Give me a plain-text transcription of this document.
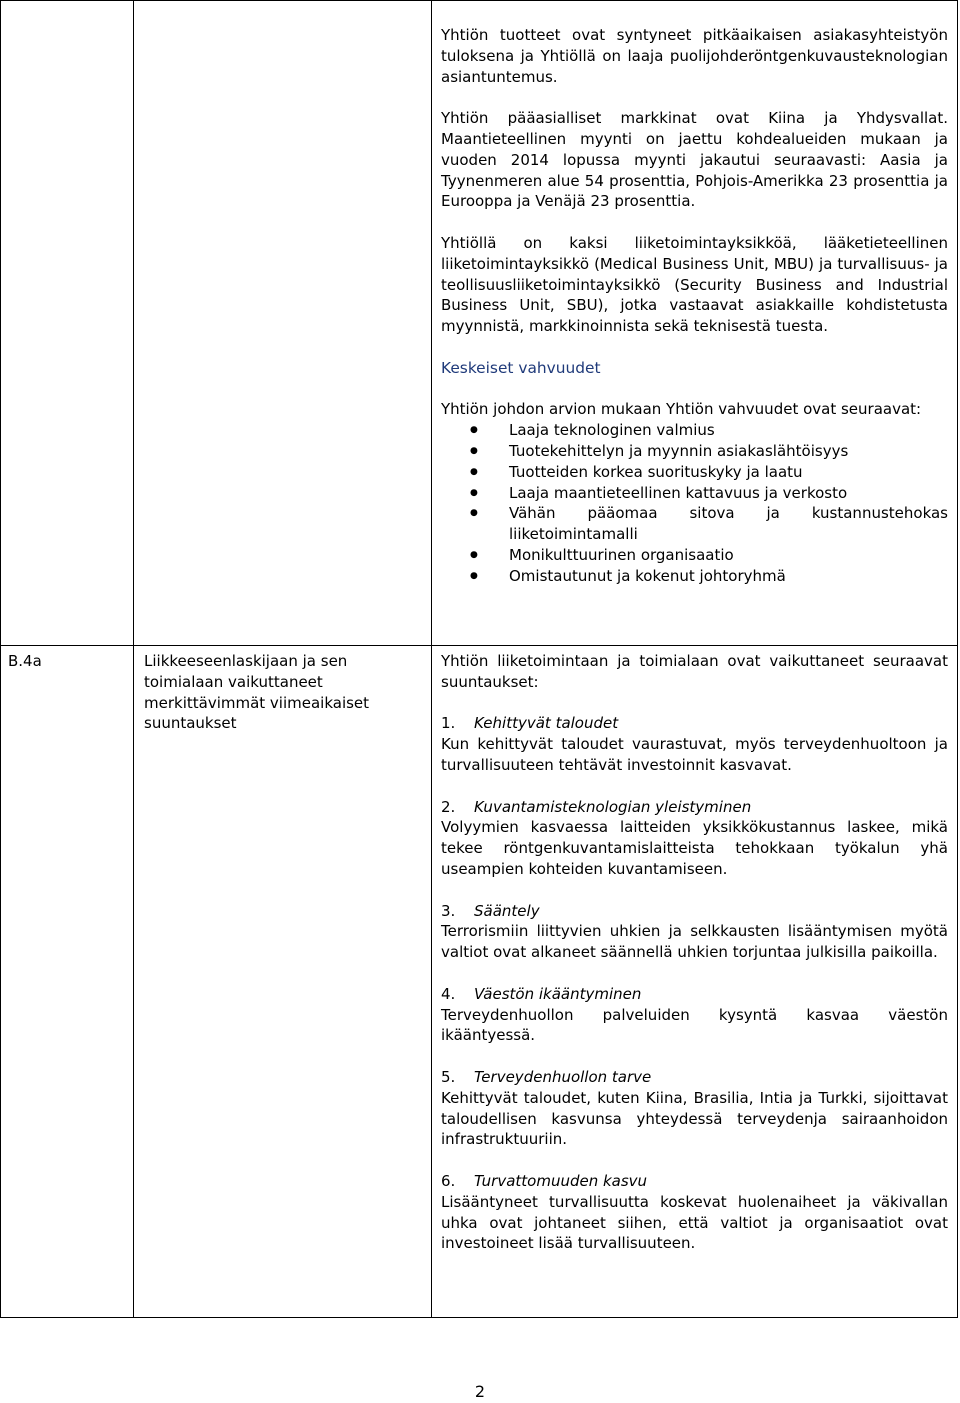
Yhtiön tuotteet ovat syntyneet pitkäaikaisen asiakasyhteistyön tuloksena ja Yhtiöllä on laaja puolijohderöntgenkuvausteknologian asiantuntemus.

Yhtiön pääasialliset markkinat ovat Kiina ja Yhdysvallat. Maantieteellinen myynti on jaettu kohdealueiden mukaan ja vuoden 2014 lopussa myynti jakautui seuraavasti: Aasia ja Tyynenmeren alue 54 prosenttia, Pohjois-Amerikka 23 prosenttia ja Eurooppa ja Venäjä 23 prosenttia.

Yhtiöllä on kaksi liiketoimintayksikköä, lääketieteellinen liiketoimintayksikkö (Medical Business Unit, MBU) ja turvallisuus- ja teollisuusliiketoimintayksikkö (Security Business and Industrial Business Unit, SBU), jotka vastaavat asiakkaille kohdistetusta myynnistä, markkinoinnista sekä teknisestä tuesta.

Keskeiset vahvuudet

Yhtiön johdon arvion mukaan Yhtiön vahvuudet ovat seuraavat:

● Laaja teknologinen valmius
● Tuotekehittelyn ja myynnin asiakaslähtöisyys
● Tuotteiden korkea suorituskyky ja laatu
● Laaja maantieteellinen kattavuus ja verkosto
● Vähän pääomaa sitova ja kustannustehokas liiketoimintamalli
● Monikulttuurinen organisaatio
● Omistautunut ja kokenut johtoryhmä
B.4a	Liikkeeseenlaskijaan ja sen toimialaan vaikuttaneet merkittävimmät viimeaikaiset suuntaukset

Yhtiön liiketoimintaan ja toimialaan ovat vaikuttaneet seuraavat suuntaukset:

1. Kehittyvät taloudet

Kun kehittyvät taloudet vaurastuvat, myös terveydenhuoltoon ja turvallisuuteen tehtävät investoinnit kasvavat.

2. Kuvantamisteknologian yleistyminen

Volyymien kasvaessa laitteiden yksikkökustannus laskee, mikä tekee röntgenkuvantamislaitteista tehokkaan työkalun yhä useampien kohteiden kuvantamiseen.

3. Sääntely

Terrorismiin liittyvien uhkien ja selkkausten lisääntymisen myötä valtiot ovat alkaneet säännellä uhkien torjuntaa julkisilla paikoilla.

4. Väestön ikääntyminen

Terveydenhuollon palveluiden kysyntä kasvaa väestön ikääntyessä.

5. Terveydenhuollon tarve

Kehittyvät taloudet, kuten Kiina, Brasilia, Intia ja Turkki, sijoittavat taloudellisen kasvunsa yhteydessä terveydenja sairaanhoidon infrastruktuuriin.

6. Turvattomuuden kasvu

Lisääntyneet turvallisuutta koskevat huolenaiheet ja väkivallan uhka ovat johtaneet siihen, että valtiot ja organisaatiot ovat investoineet lisää turvallisuuteen.

2
